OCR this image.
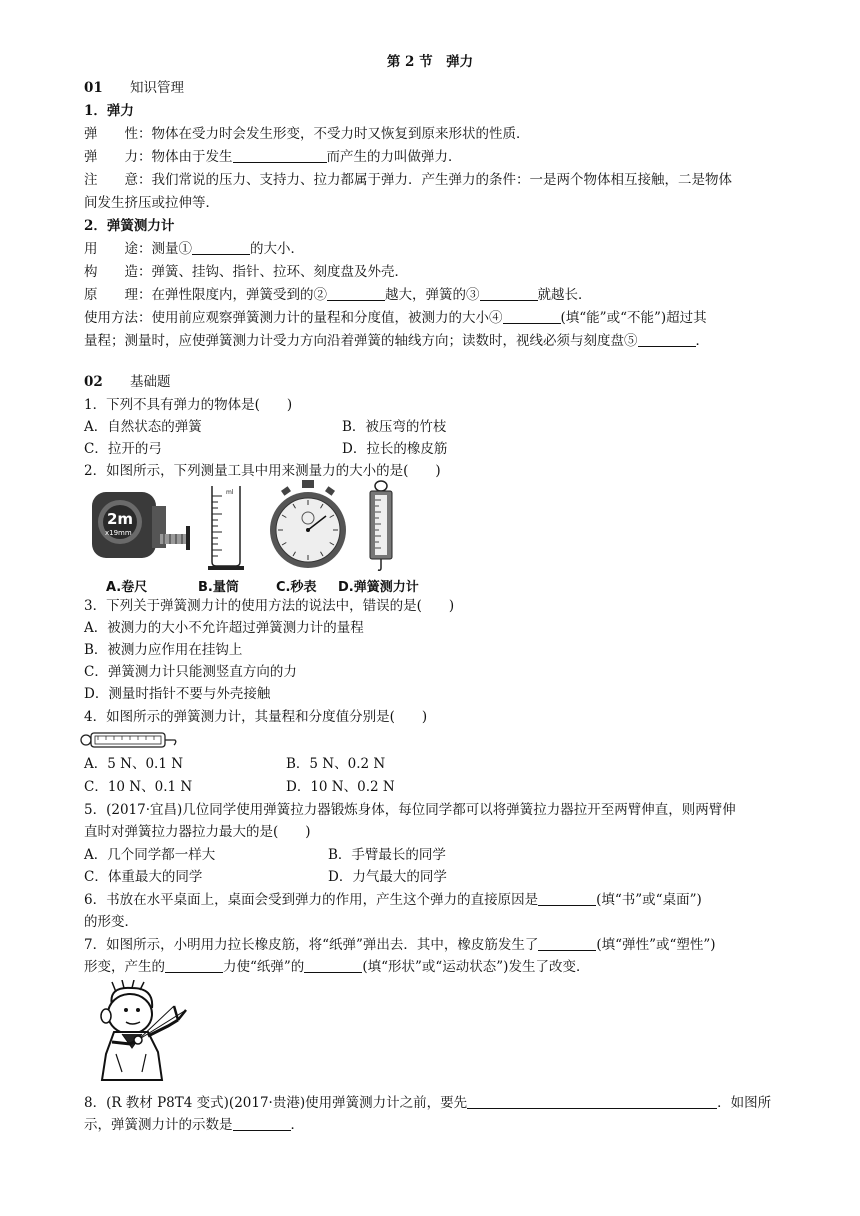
第 2 节　弹力
01 知识管理
1．弹力
弹　　性：物体在受力时会发生形变，不受力时又恢复到原来形状的性质．
弹　　力：物体由于发生	而产生的力叫做弹力．
注　　意：我们常说的压力、支持力、拉力都属于弹力．产生弹力的条件：一是两个物体相互接触，二是物体
间发生挤压或拉伸等．
2．弹簧测力计
用　　途：测量①	的大小．
构　　造：弹簧、挂钩、指针、拉环、刻度盘及外壳．
原　　理：在弹性限度内，弹簧受到的②	越大，弹簧的③	就越长．
使用方法：使用前应观察弹簧测力计的量程和分度值，被测力的大小④	(填“能”或“不能”)超过其
量程；测量时，应使弹簧测力计受力方向沿着弹簧的轴线方向；读数时，视线必须与刻度盘⑤	．
02 基础题
1．下列不具有弹力的物体是(　　)
A．自然状态的弹簧	B．被压弯的竹枝
C．拉开的弓	D．拉长的橡皮筋
2．如图所示，下列测量工具中用来测量力的大小的是(　　)
2m
x19mm
A.卷尺
ml
B.量筒	C.秒表 D.弹簧测力计
3．下列关于弹簧测力计的使用方法的说法中，错误的是(　　)
A．被测力的大小不允许超过弹簧测力计的量程
B．被测力应作用在挂钩上
C．弹簧测力计只能测竖直方向的力
D．测量时指针不要与外壳接触
4．如图所示的弹簧测力计，其量程和分度值分别是(　　)
A．5 N、0.1 N	B．5 N、0.2 N
C．10 N、0.1 N	D．10 N、0.2 N
5．(2017·宜昌)几位同学使用弹簧拉力器锻炼身体，每位同学都可以将弹簧拉力器拉开至两臂伸直，则两臂伸
直时对弹簧拉力器拉力最大的是(　　)
A．几个同学都一样大	B．手臂最长的同学
C．体重最大的同学	D．力气最大的同学
6．书放在水平桌面上，桌面会受到弹力的作用，产生这个弹力的直接原因是	(填“书”或“桌面”)
的形变．
7．如图所示，小明用力拉长橡皮筋，将“纸弹”弹出去．其中，橡皮筋发生了	(填“弹性”或“塑性”)
形变，产生的	力使“纸弹”的	(填“形状”或“运动状态”)发生了改变．
8．(R 教材 P8T4 变式)(2017·贵港)使用弹簧测力计之前，要先	．如图所
示，弹簧测力计的示数是	．
